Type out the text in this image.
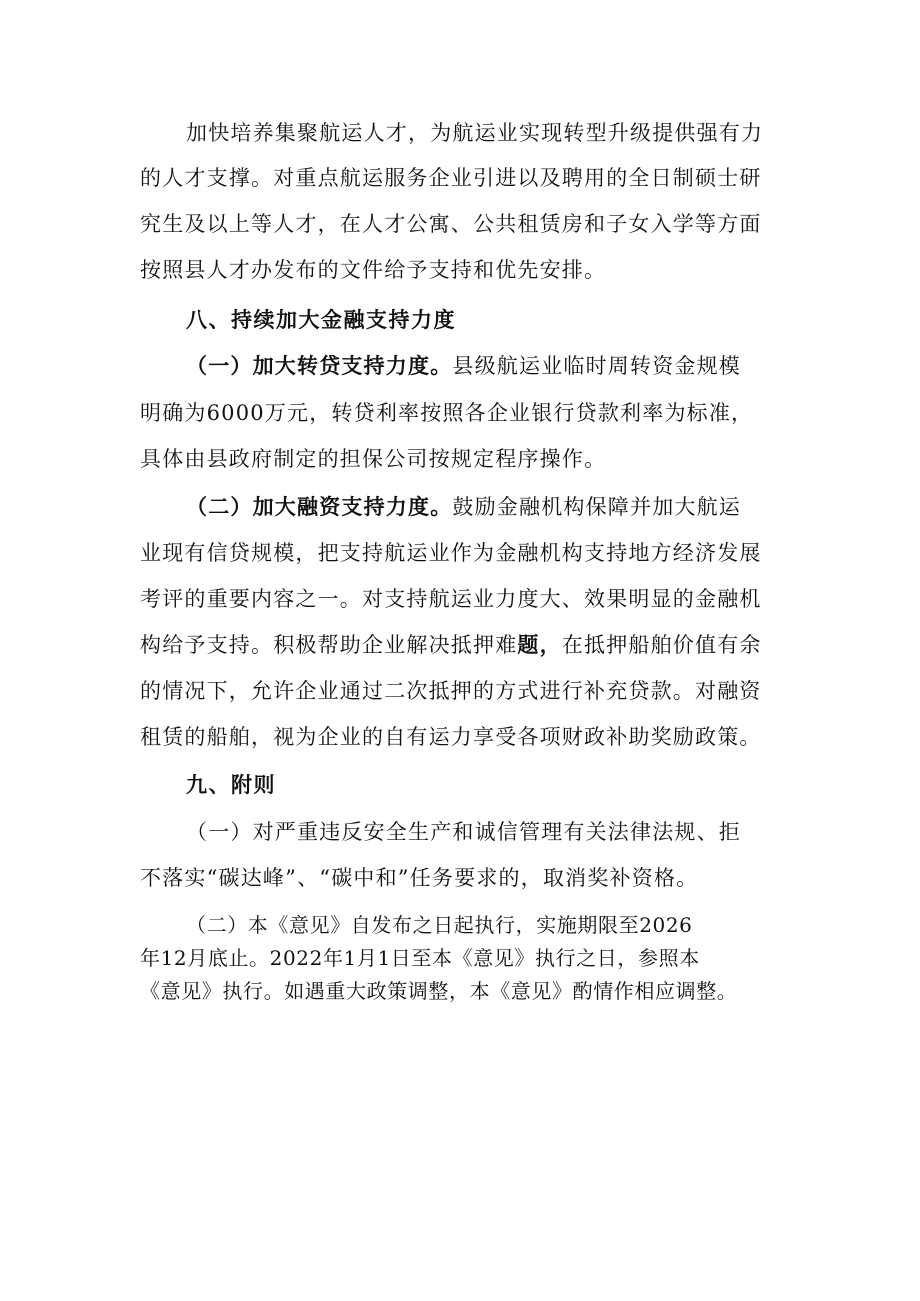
加快培养集聚航运人才，为航运业实现转型升级提供强有力
的人才支撑。对重点航运服务企业引进以及聘用的全日制硕士研
究生及以上等人才，在人才公寓、公共租赁房和子女入学等方面
按照县人才办发布的文件给予支持和优先安排。
八、持续加大金融支持力度
（一）加大转贷支持力度。县级航运业临时周转资金规模
明确为6000万元，转贷利率按照各企业银行贷款利率为标准，
具体由县政府制定的担保公司按规定程序操作。
（二）加大融资支持力度。鼓励金融机构保障并加大航运
业现有信贷规模，把支持航运业作为金融机构支持地方经济发展
考评的重要内容之一。对支持航运业力度大、效果明显的金融机
构给予支持。积极帮助企业解决抵押难题，在抵押船舶价值有余
的情况下，允许企业通过二次抵押的方式进行补充贷款。对融资
租赁的船舶，视为企业的自有运力享受各项财政补助奖励政策。
九、附则
（一）对严重违反安全生产和诚信管理有关法律法规、拒
不落实“碳达峰”、“碳中和”任务要求的，取消奖补资格。
（二）本《意见》自发布之日起执行，实施期限至2026
年12月底止。2022年1月1日至本《意见》执行之日，参照本
《意见》执行。如遇重大政策调整，本《意见》酌情作相应调整。
